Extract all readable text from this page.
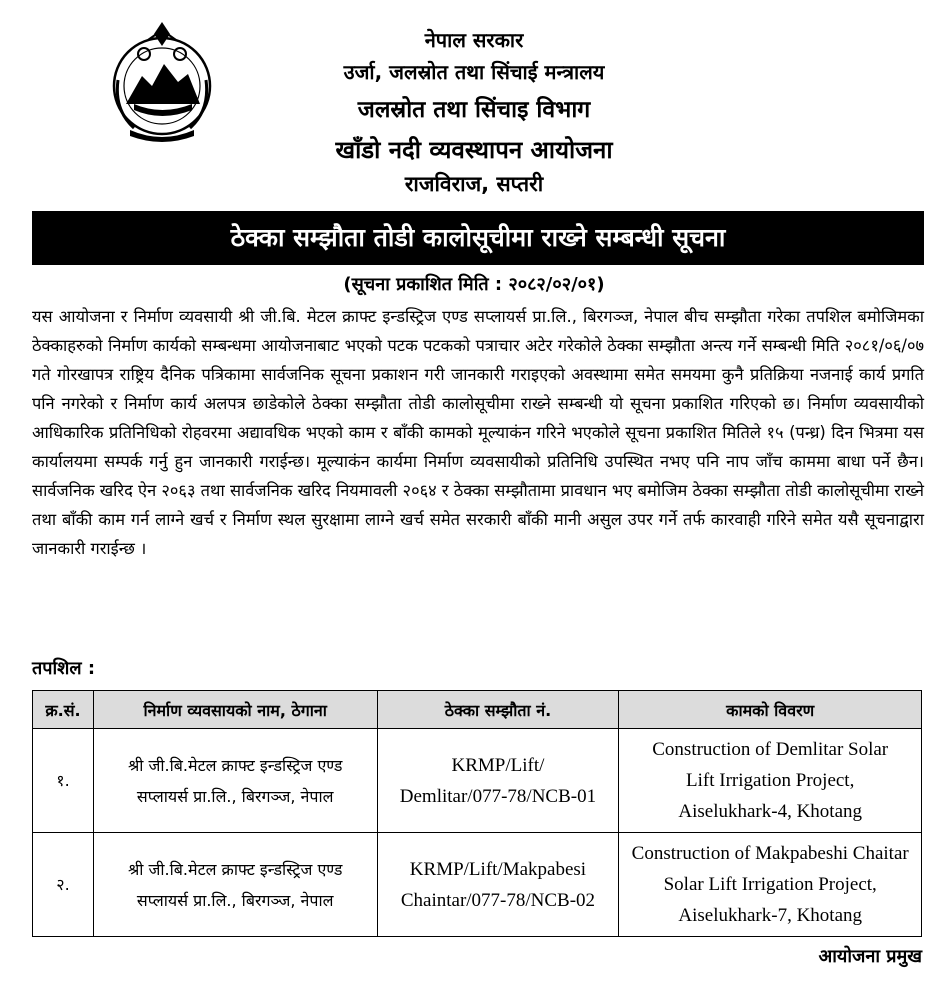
नेपाल सरकार
उर्जा, जलस्रोत तथा सिंचाई मन्त्रालय
जलस्रोत तथा सिंचाइ विभाग
खाँडो नदी व्यवस्थापन आयोजना
राजविराज, सप्तरी
ठेक्का सम्झौता तोडी कालोसूचीमा राख्ने सम्बन्धी सूचना
(सूचना प्रकाशित मिति : २०८२/०२/०१)

यस आयोजना र निर्माण व्यवसायी श्री जी.बि. मेटल क्राफ्ट इन्डस्ट्रिज एण्ड सप्लायर्स प्रा.लि., बिरगञ्ज, नेपाल बीच सम्झौता गरेका तपशिल बमोजिमका ठेक्काहरुको निर्माण कार्यको सम्बन्धमा आयोजनाबाट भएको पटक पटकको पत्राचार अटेर गरेकोले ठेक्का सम्झौता अन्त्य गर्ने सम्बन्धी मिति २०८१/०६/०७ गते गोरखापत्र राष्ट्रिय दैनिक पत्रिकामा सार्वजनिक सूचना प्रकाशन गरी जानकारी गराइएको अवस्थामा समेत समयमा कुनै प्रतिक्रिया नजनाई कार्य प्रगति पनि नगरेको र निर्माण कार्य अलपत्र छाडेकोले ठेक्का सम्झौता तोडी कालोसूचीमा राख्ने सम्बन्धी यो सूचना प्रकाशित गरिएको छ। निर्माण व्यवसायीको आधिकारिक प्रतिनिधिको रोहवरमा अद्यावधिक भएको काम र बाँकी कामको मूल्याकंन गरिने भएकोले सूचना प्रकाशित मितिले १५ (पन्ध्र) दिन भित्रमा यस कार्यालयमा सम्पर्क गर्नु हुन जानकारी गराईन्छ। मूल्याकंन कार्यमा निर्माण व्यवसायीको प्रतिनिधि उपस्थित नभए पनि नाप जाँच काममा बाधा पर्ने छैन। सार्वजनिक खरिद ऐन २०६३ तथा सार्वजनिक खरिद नियमावली २०६४ र ठेक्का सम्झौतामा प्रावधान भए बमोजिम ठेक्का सम्झौता तोडी कालोसूचीमा राख्ने तथा बाँकी काम गर्न लाग्ने खर्च र निर्माण स्थल सुरक्षामा लाग्ने खर्च समेत सरकारी बाँकी मानी असुल उपर गर्ने तर्फ कारवाही गरिने समेत यसै सूचनाद्वारा जानकारी गराईन्छ ।

तपशिल :
क्र.सं.	निर्माण व्यवसायको नाम, ठेगाना	ठेक्का सम्झौता नं.	कामको विवरण
१.	श्री जी.बि.मेटल क्राफ्ट इन्डस्ट्रिज एण्ड सप्लायर्स प्रा.लि., बिरगञ्ज, नेपाल	KRMP/Lift/ Demlitar/077-78/NCB-01	Construction of Demlitar Solar Lift Irrigation Project, Aiselukhark-4, Khotang
२.	श्री जी.बि.मेटल क्राफ्ट इन्डस्ट्रिज एण्ड सप्लायर्स प्रा.लि., बिरगञ्ज, नेपाल	KRMP/Lift/Makpabesi Chaintar/077-78/NCB-02	Construction of Makpabeshi Chaitar Solar Lift Irrigation Project, Aiselukhark-7, Khotang
आयोजना प्रमुख
